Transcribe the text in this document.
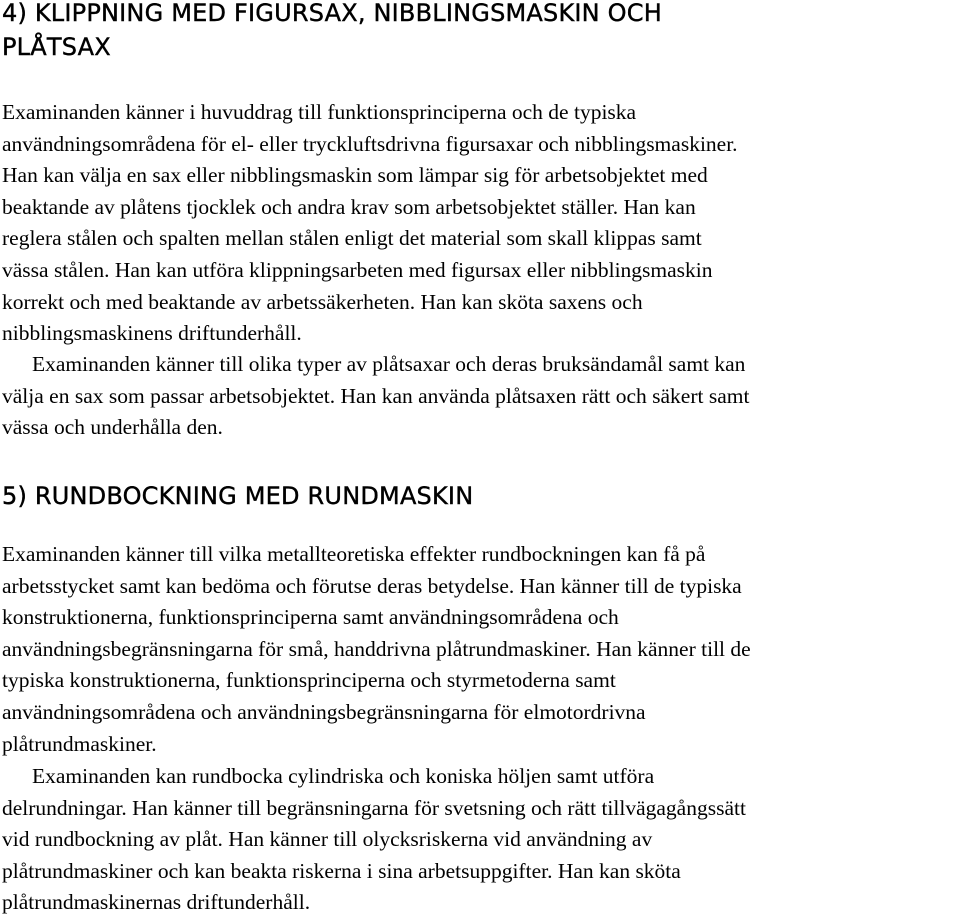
4) KLIPPNING MED FIGURSAX, NIBBLINGSMASKIN OCH
PLÅTSAX

Examinanden känner i huvuddrag till funktionsprinciperna och de typiska
användningsområdena för el- eller tryckluftsdrivna figursaxar och nibblingsmaskiner.
Han kan välja en sax eller nibblingsmaskin som lämpar sig för arbetsobjektet med
beaktande av plåtens tjocklek och andra krav som arbetsobjektet ställer. Han kan
reglera stålen och spalten mellan stålen enligt det material som skall klippas samt
vässa stålen. Han kan utföra klippningsarbeten med figursax eller nibblingsmaskin
korrekt och med beaktande av arbetssäkerheten. Han kan sköta saxens och
nibblingsmaskinens driftunderhåll.

Examinanden känner till olika typer av plåtsaxar och deras bruksändamål samt kan
välja en sax som passar arbetsobjektet. Han kan använda plåtsaxen rätt och säkert samt
vässa och underhålla den.

5) RUNDBOCKNING MED RUNDMASKIN

Examinanden känner till vilka metallteoretiska effekter rundbockningen kan få på
arbetsstycket samt kan bedöma och förutse deras betydelse. Han känner till de typiska
konstruktionerna, funktionsprinciperna samt användningsområdena och
användningsbegränsningarna för små, handdrivna plåtrundmaskiner. Han känner till de
typiska konstruktionerna, funktionsprinciperna och styrmetoderna samt
användningsområdena och användningsbegränsningarna för elmotordrivna
plåtrundmaskiner.

Examinanden kan rundbocka cylindriska och koniska höljen samt utföra
delrundningar. Han känner till begränsningarna för svetsning och rätt tillvägagångssätt
vid rundbockning av plåt. Han känner till olycksriskerna vid användning av
plåtrundmaskiner och kan beakta riskerna i sina arbetsuppgifter. Han kan sköta
plåtrundmaskinernas driftunderhåll.
